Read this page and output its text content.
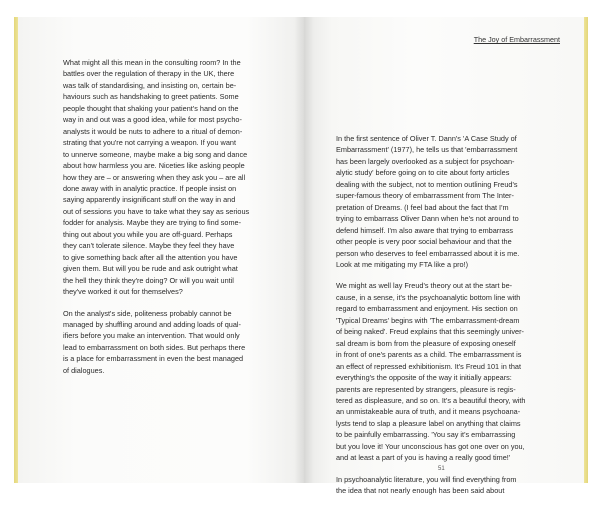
What might all this mean in the consulting room? In the
battles over the regulation of therapy in the UK, there
was talk of standardising, and insisting on, certain be-
haviours such as handshaking to greet patients. Some
people thought that shaking your patient's hand on the
way in and out was a good idea, while for most psycho-
analysts it would be nuts to adhere to a ritual of demon-
strating that you're not carrying a weapon. If you want
to unnerve someone, maybe make a big song and dance
about how harmless you are. Niceties like asking people
how they are – or answering when they ask you – are all
done away with in analytic practice. If people insist on
saying apparently insignificant stuff on the way in and
out of sessions you have to take what they say as serious
fodder for analysis. Maybe they are trying to find some-
thing out about you while you are off-guard. Perhaps
they can't tolerate silence. Maybe they feel they have
to give something back after all the attention you have
given them. But will you be rude and ask outright what
the hell they think they're doing? Or will you wait until
they've worked it out for themselves?

On the analyst's side, politeness probably cannot be
managed by shuffling around and adding loads of qual-
ifiers before you make an intervention. That would only
lead to embarrassment on both sides. But perhaps there
is a place for embarrassment in even the best managed
of dialogues.

The Joy of Embarrassment

In the first sentence of Oliver T. Dann's 'A Case Study of
Embarrassment' (1977), he tells us that 'embarrassment
has been largely overlooked as a subject for psychoan-
alytic study' before going on to cite about forty articles
dealing with the subject, not to mention outlining Freud's
super-famous theory of embarrassment from The Inter-
pretation of Dreams. (I feel bad about the fact that I'm
trying to embarrass Oliver Dann when he's not around to
defend himself. I'm also aware that trying to embarrass
other people is very poor social behaviour and that the
person who deserves to feel embarrassed about it is me.
Look at me mitigating my FTA like a pro!)

We might as well lay Freud's theory out at the start be-
cause, in a sense, it's the psychoanalytic bottom line with
regard to embarrassment and enjoyment. His section on
'Typical Dreams' begins with 'The embarrassment-dream
of being naked'. Freud explains that this seemingly univer-
sal dream is born from the pleasure of exposing oneself
in front of one's parents as a child. The embarrassment is
an effect of repressed exhibitionism. It's Freud 101 in that
everything's the opposite of the way it initially appears:
parents are represented by strangers, pleasure is regis-
tered as displeasure, and so on. It's a beautiful theory, with
an unmistakeable aura of truth, and it means psychoana-
lysts tend to slap a pleasure label on anything that claims
to be painfully embarrassing. 'You say it's embarrassing
but you love it! Your unconscious has got one over on you,
and at least a part of you is having a really good time!'

In psychoanalytic literature, you will find everything from
the idea that not nearly enough has been said about

51
